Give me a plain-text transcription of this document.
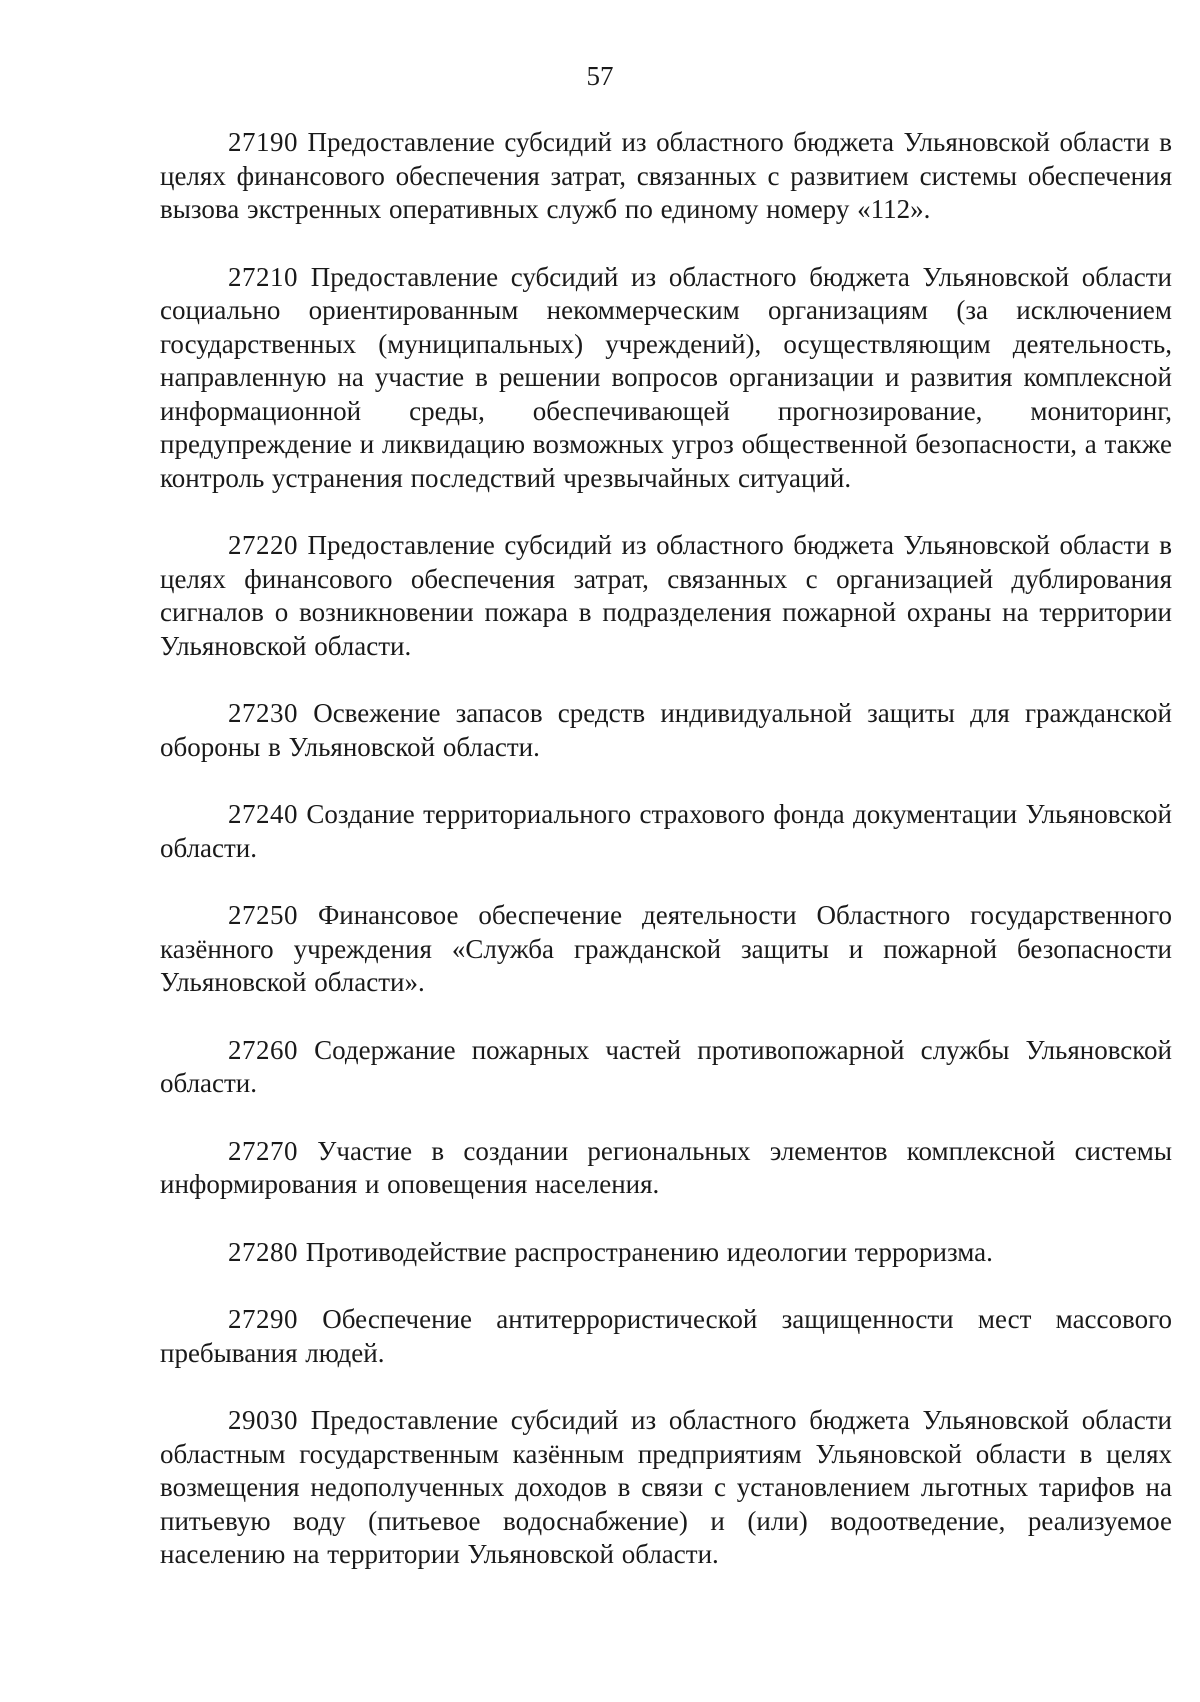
57

27190 Предоставление субсидий из областного бюджета Ульяновской области в целях финансового обеспечения затрат, связанных с развитием системы обеспечения вызова экстренных оперативных служб по единому номеру «112».

27210 Предоставление субсидий из областного бюджета Ульяновской области социально ориентированным некоммерческим организациям (за исключением государственных (муниципальных) учреждений), осуществляющим деятельность, направленную на участие в решении вопросов организации и развития комплексной информационной среды, обеспечивающей прогнозирование, мониторинг, предупреждение и ликвидацию возможных угроз общественной безопасности, а также контроль устранения последствий чрезвычайных ситуаций.

27220 Предоставление субсидий из областного бюджета Ульяновской области в целях финансового обеспечения затрат, связанных с организацией дублирования сигналов о возникновении пожара в подразделения пожарной охраны на территории Ульяновской области.

27230 Освежение запасов средств индивидуальной защиты для гражданской обороны в Ульяновской области.

27240 Создание территориального страхового фонда документации Ульяновской области.

27250 Финансовое обеспечение деятельности Областного государственного казённого учреждения «Служба гражданской защиты и пожарной безопасности Ульяновской области».

27260 Содержание пожарных частей противопожарной службы Ульяновской области.

27270 Участие в создании региональных элементов комплексной системы информирования и оповещения населения.

27280 Противодействие распространению идеологии терроризма.

27290 Обеспечение антитеррористической защищенности мест массового пребывания людей.

29030 Предоставление субсидий из областного бюджета Ульяновской области областным государственным казённым предприятиям Ульяновской области в целях возмещения недополученных доходов в связи с установлением льготных тарифов на питьевую воду (питьевое водоснабжение) и (или) водоотведение, реализуемое населению на территории Ульяновской области.
